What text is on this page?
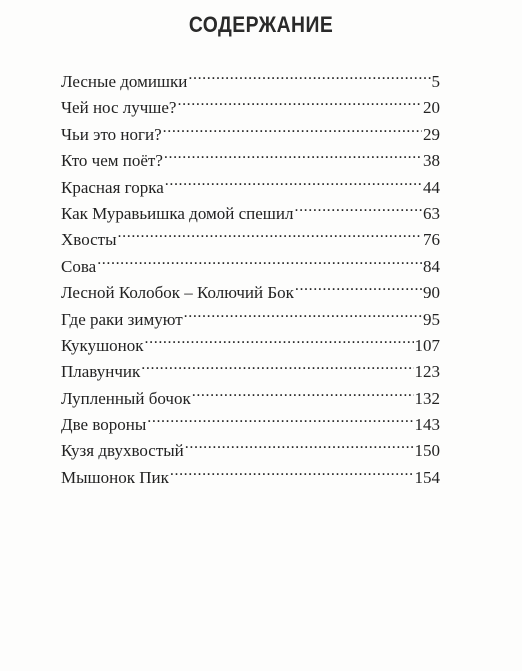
СОДЕРЖАНИЕ
Лесные домишки .....	5
Чей нос лучше? .....	20
Чьи это ноги? .....	29
Кто чем поёт? .....	38
Красная горка .....	44
Как Муравьишка домой спешил .....	63
Хвосты .....	76
Сова .....	84
Лесной Колобок – Колючий Бок .....	90
Где раки зимуют .....	95
Кукушонок .....	107
Плавунчик .....	123
Лупленный бочок .....	132
Две вороны .....	143
Кузя двухвостый .....	150
Мышонок Пик .....	154
